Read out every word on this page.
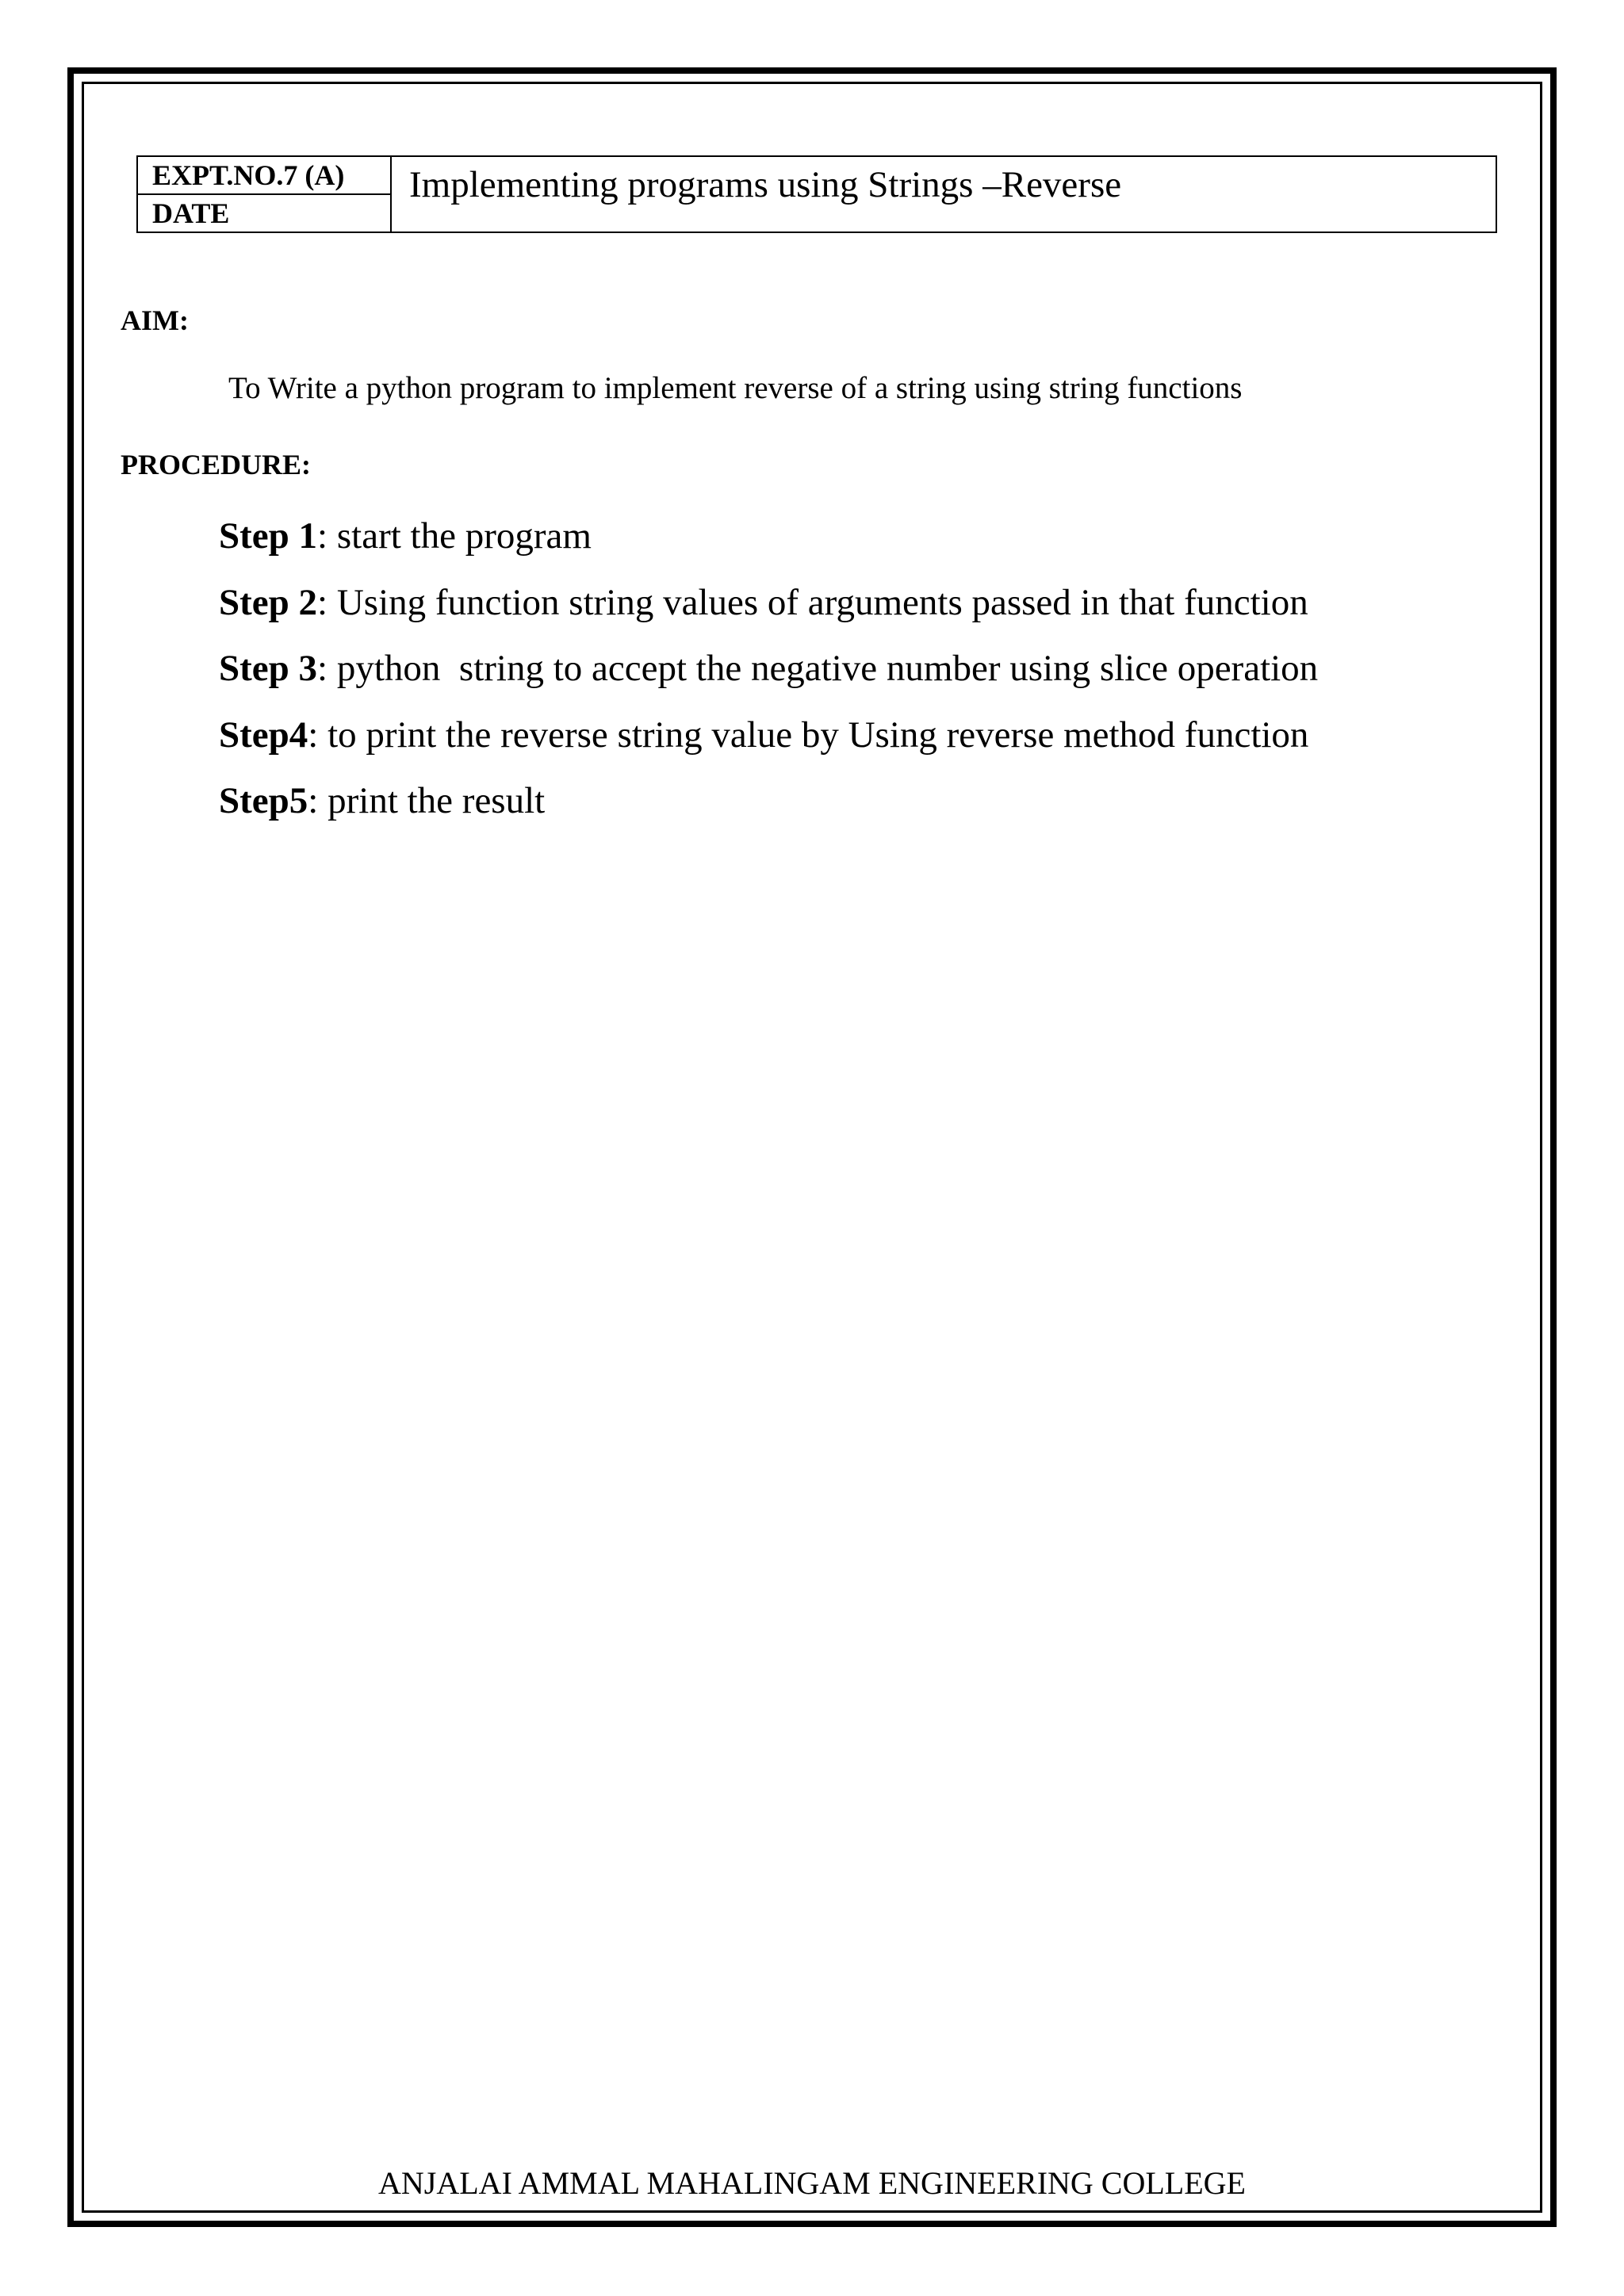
EXPT.NO.7 (A)	Implementing programs using Strings –Reverse
DATE
AIM:
To Write a python program to implement reverse of a string using string functions
PROCEDURE:
Step 1: start the program
Step 2: Using function string values of arguments passed in that function
Step 3: python  string to accept the negative number using slice operation
Step4: to print the reverse string value by Using reverse method function
Step5: print the result
ANJALAI AMMAL MAHALINGAM ENGINEERING COLLEGE
